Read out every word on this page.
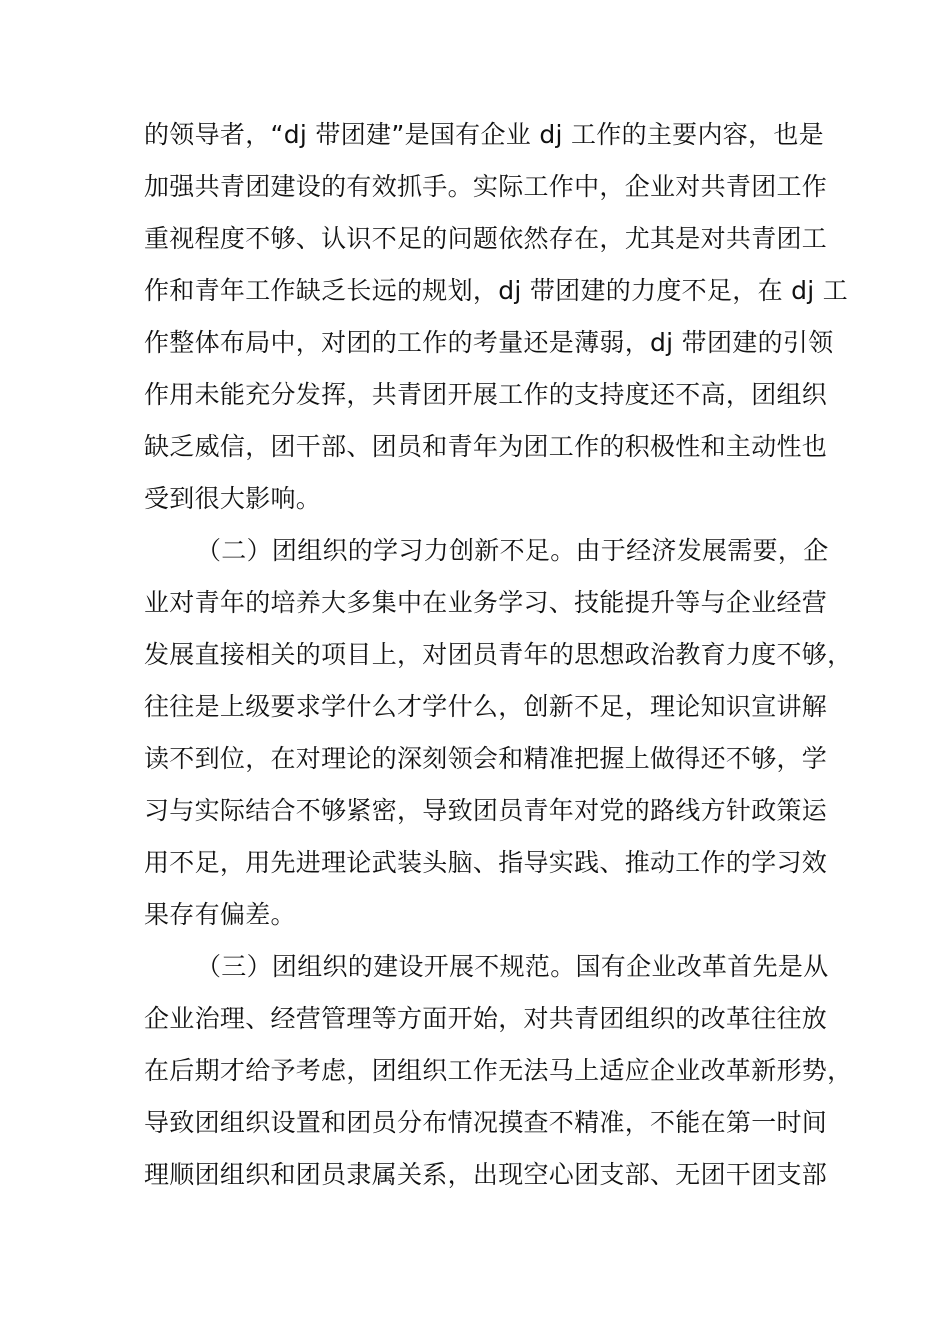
的领导者，“dj 带团建”是国有企业 dj 工作的主要内容，也是
加强共青团建设的有效抓手。实际工作中，企业对共青团工作
重视程度不够、认识不足的问题依然存在，尤其是对共青团工
作和青年工作缺乏长远的规划，dj 带团建的力度不足，在 dj 工
作整体布局中，对团的工作的考量还是薄弱，dj 带团建的引领
作用未能充分发挥，共青团开展工作的支持度还不高，团组织
缺乏威信，团干部、团员和青年为团工作的积极性和主动性也
受到很大影响。
（二）团组织的学习力创新不足。由于经济发展需要，企
业对青年的培养大多集中在业务学习、技能提升等与企业经营
发展直接相关的项目上，对团员青年的思想政治教育力度不够，
往往是上级要求学什么才学什么，创新不足，理论知识宣讲解
读不到位，在对理论的深刻领会和精准把握上做得还不够，学
习与实际结合不够紧密，导致团员青年对党的路线方针政策运
用不足，用先进理论武装头脑、指导实践、推动工作的学习效
果存有偏差。
（三）团组织的建设开展不规范。国有企业改革首先是从
企业治理、经营管理等方面开始，对共青团组织的改革往往放
在后期才给予考虑，团组织工作无法马上适应企业改革新形势，
导致团组织设置和团员分布情况摸查不精准，不能在第一时间
理顺团组织和团员隶属关系，出现空心团支部、无团干团支部
